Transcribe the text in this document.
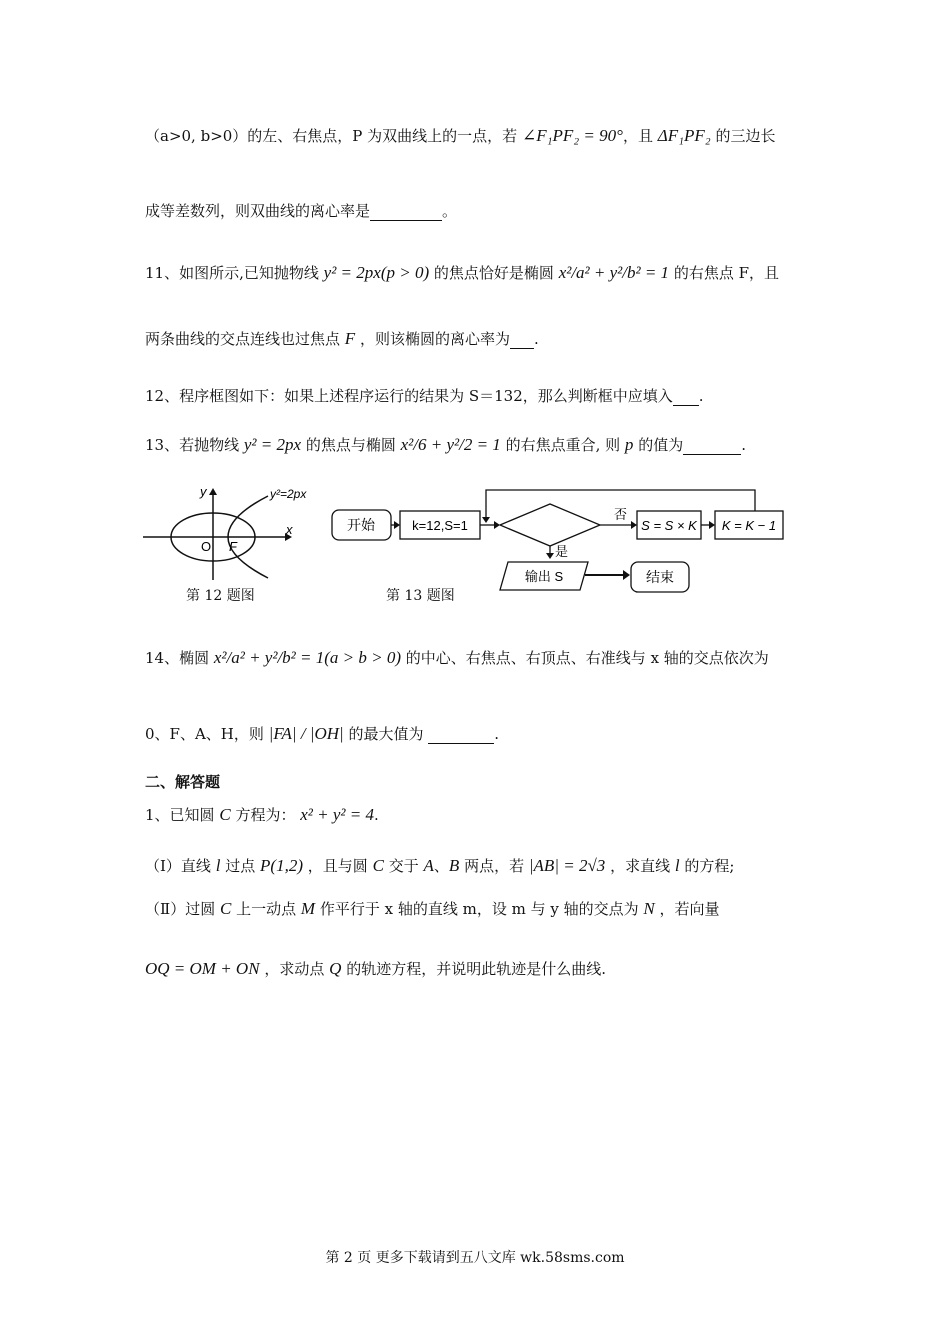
（a>0, b>0）的左、右焦点，P 为双曲线上的一点，若 ∠F₁PF₂ = 90°，且 ΔF₁PF₂ 的三边长
成等差数列，则双曲线的离心率是	。
11、如图所示,已知抛物线 y² = 2px(p > 0) 的焦点恰好是椭圆 x²/a² + y²/b² = 1 的右焦点 F，且
两条曲线的交点连线也过焦点 F ，则该椭圆的离心率为 .
12、程序框图如下：如果上述程序运行的结果为 S＝132，那么判断框中应填入 .
13、若抛物线 y² = 2px 的焦点与椭圆 x²/6 + y²/2 = 1 的右焦点重合, 则 p 的值为	.
y
x
O F
y²=2px
第 12 题图
开始	k=12,S=1
否
S = S × K K = K − 1
是
输出 S	结束
第 13 题图
14、椭圆 x²/a² + y²/b² = 1(a > b > 0) 的中心、右焦点、右顶点、右准线与 x 轴的交点依次为
0、F、A、H，则 |FA| / |OH| 的最大值为	.
二、解答题
1、已知圆 C 方程为： x² + y² = 4.
（Ⅰ）直线 l 过点 P(1,2) ，且与圆 C 交于 A、B 两点，若 |AB| = 2√3 ，求直线 l 的方程;
（Ⅱ）过圆 C 上一动点 M 作平行于 x 轴的直线 m，设 m 与 y 轴的交点为 N ，若向量
OQ = OM + ON ，求动点 Q 的轨迹方程，并说明此轨迹是什么曲线.
第 2 页 更多下载请到五八文库 wk.58sms.com
